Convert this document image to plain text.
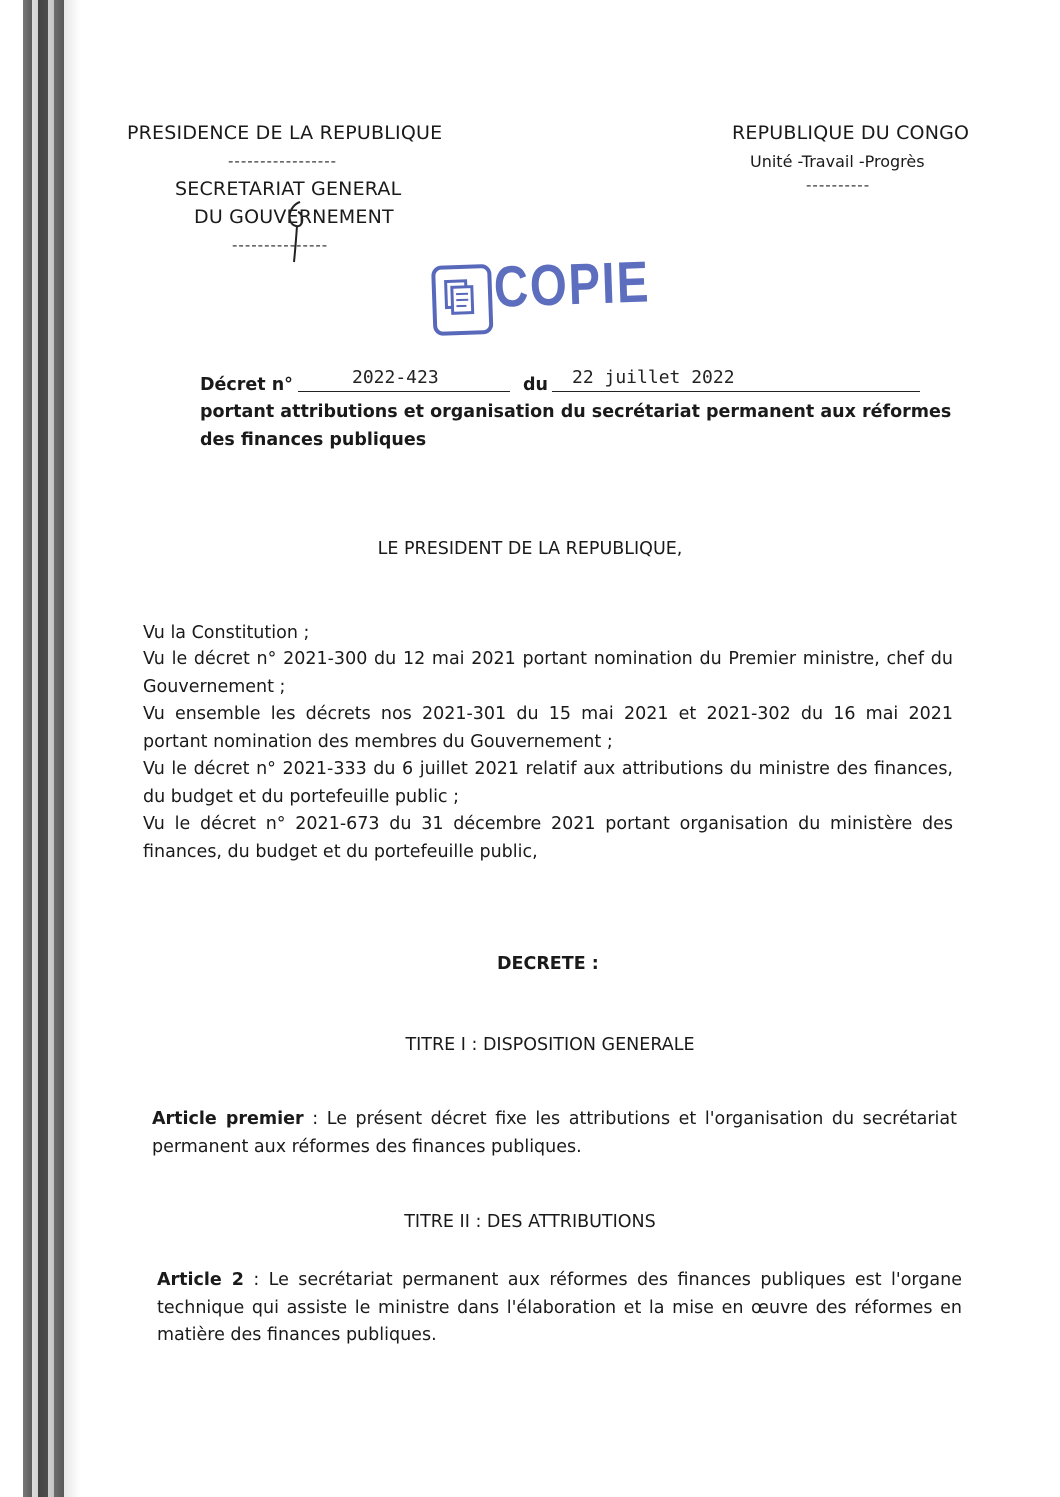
PRESIDENCE DE LA REPUBLIQUE
-----------------
SECRETARIAT GENERAL
DU GOUVERNEMENT
---------------
REPUBLIQUE DU CONGO
Unité -Travail -Progrès
----------
COPIE
Décret n°	2022-423	du 22 juillet 2022
portant attributions et organisation du secrétariat permanent aux réformes
des finances publiques
LE PRESIDENT DE LA REPUBLIQUE,
Vu la Constitution ;
Vu le décret n° 2021-300 du 12 mai 2021 portant nomination du Premier ministre, chef du Gouvernement ;
Vu ensemble les décrets nos 2021-301 du 15 mai 2021 et 2021-302 du 16 mai 2021 portant nomination des membres du Gouvernement ;
Vu le décret n° 2021-333 du 6 juillet 2021 relatif aux attributions du ministre des finances, du budget et du portefeuille public ;
Vu le décret n° 2021-673 du 31 décembre 2021 portant organisation du ministère des finances, du budget et du portefeuille public,
DECRETE :
TITRE I : DISPOSITION GENERALE
Article premier : Le présent décret fixe les attributions et l'organisation du secrétariat permanent aux réformes des finances publiques.
TITRE II : DES ATTRIBUTIONS
Article 2 : Le secrétariat permanent aux réformes des finances publiques est l'organe technique qui assiste le ministre dans l'élaboration et la mise en œuvre des réformes en matière des finances publiques.
